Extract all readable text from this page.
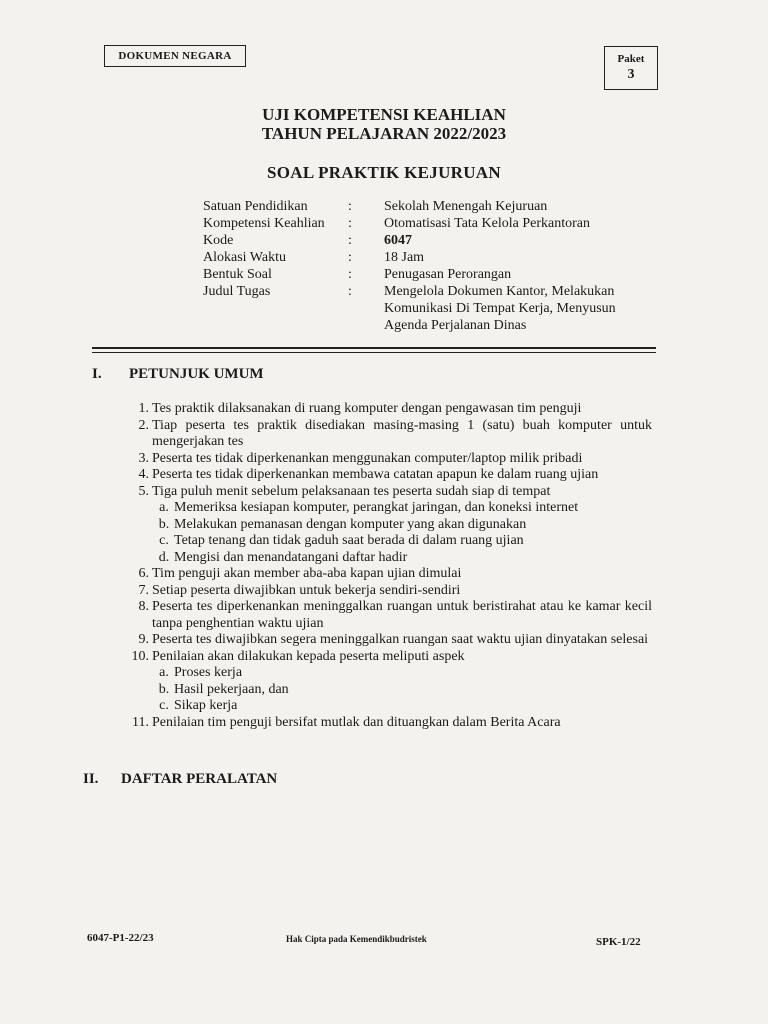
DOKUMEN NEGARA	Paket
3
UJI KOMPETENSI KEAHLIAN
TAHUN PELAJARAN 2022/2023
SOAL PRAKTIK KEJURUAN
Satuan Pendidikan	:	Sekolah Menengah Kejuruan
Kompetensi Keahlian	:	Otomatisasi Tata Kelola Perkantoran
Kode	:	6047
Alokasi Waktu	:	18 Jam
Bentuk Soal	:	Penugasan Perorangan
Judul Tugas	:	Mengelola Dokumen Kantor, Melakukan Komunikasi Di Tempat Kerja, Menyusun Agenda Perjalanan Dinas
I.	PETUNJUK UMUM
1. Tes praktik dilaksanakan di ruang komputer dengan pengawasan tim penguji
2. Tiap peserta tes praktik disediakan masing-masing 1 (satu) buah komputer untuk mengerjakan tes
3. Peserta tes tidak diperkenankan menggunakan computer/laptop milik pribadi
4. Peserta tes tidak diperkenankan membawa catatan apapun ke dalam ruang ujian
5. Tiga puluh menit sebelum pelaksanaan tes peserta sudah siap di tempat
a. Memeriksa kesiapan komputer, perangkat jaringan, dan koneksi internet
b. Melakukan pemanasan dengan komputer yang akan digunakan
c. Tetap tenang dan tidak gaduh saat berada di dalam ruang ujian
d. Mengisi dan menandatangani daftar hadir
6. Tim penguji akan member aba-aba kapan ujian dimulai
7. Setiap peserta diwajibkan untuk bekerja sendiri-sendiri
8. Peserta tes diperkenankan meninggalkan ruangan untuk beristirahat atau ke kamar kecil tanpa penghentian waktu ujian
9. Peserta tes diwajibkan segera meninggalkan ruangan saat waktu ujian dinyatakan selesai
10. Penilaian akan dilakukan kepada peserta meliputi aspek
a. Proses kerja
b. Hasil pekerjaan, dan
c. Sikap kerja
11. Penilaian tim penguji bersifat mutlak dan dituangkan dalam Berita Acara
II.	DAFTAR PERALATAN
6047-P1-22/23	Hak Cipta pada Kemendikbudristek	SPK-1/22
